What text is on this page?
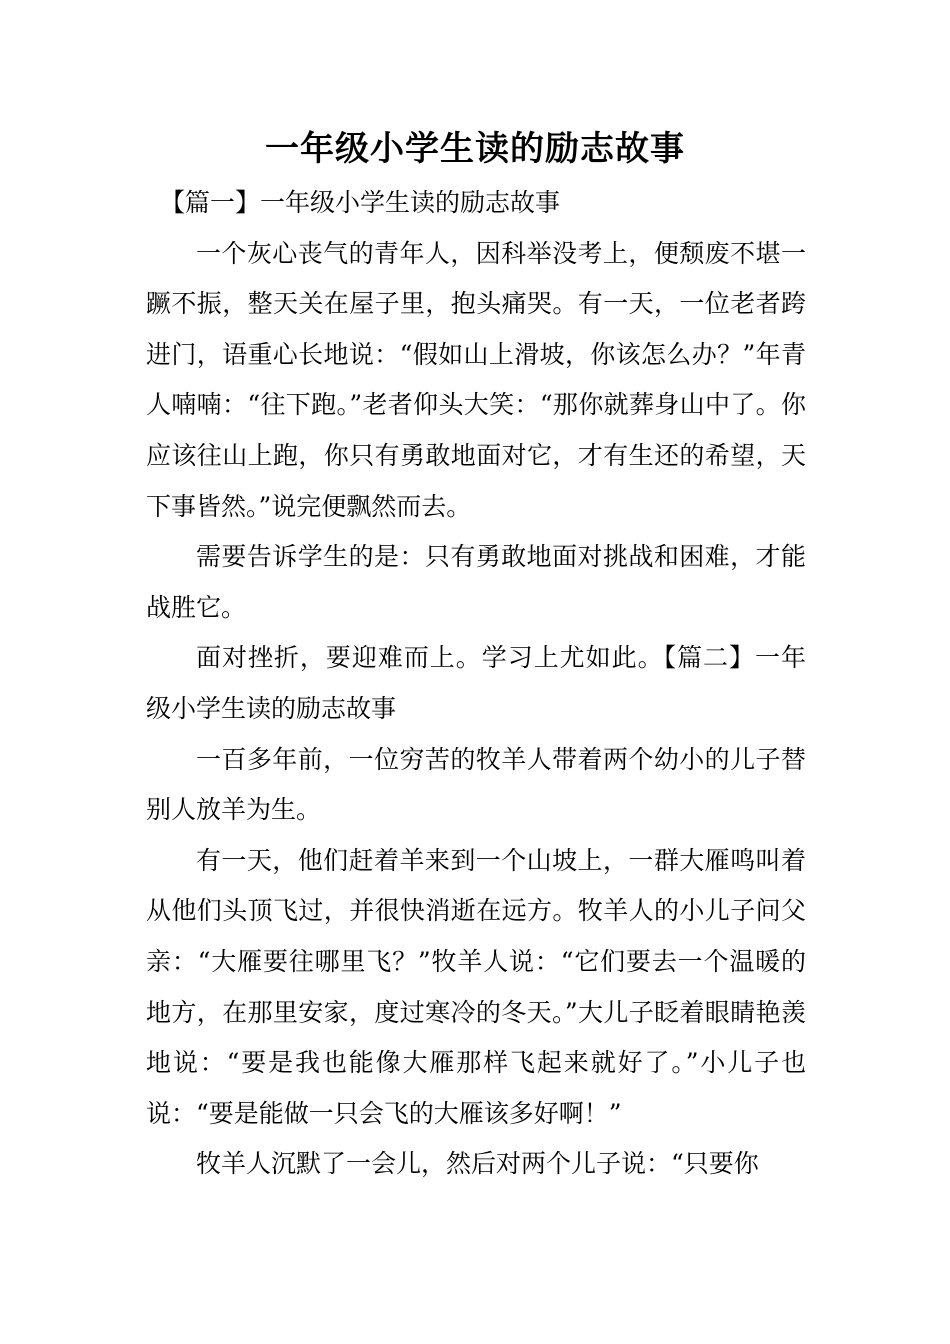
一年级小学生读的励志故事

【篇一】一年级小学生读的励志故事

一个灰心丧气的青年人，因科举没考上，便颓废不堪一蹶不振，整天关在屋子里，抱头痛哭。有一天，一位老者跨进门，语重心长地说：“假如山上滑坡，你该怎么办？”年青人喃喃：“往下跑。”老者仰头大笑：“那你就葬身山中了。你应该往山上跑，你只有勇敢地面对它，才有生还的希望，天下事皆然。”说完便飘然而去。

需要告诉学生的是：只有勇敢地面对挑战和困难，才能战胜它。

面对挫折，要迎难而上。学习上尤如此。【篇二】一年级小学生读的励志故事

一百多年前，一位穷苦的牧羊人带着两个幼小的儿子替别人放羊为生。

有一天，他们赶着羊来到一个山坡上，一群大雁鸣叫着从他们头顶飞过，并很快消逝在远方。牧羊人的小儿子问父亲：“大雁要往哪里飞？”牧羊人说：“它们要去一个温暖的地方，在那里安家，度过寒冷的冬天。”大儿子眨着眼睛艳羡地说：“要是我也能像大雁那样飞起来就好了。”小儿子也说：“要是能做一只会飞的大雁该多好啊！”

牧羊人沉默了一会儿，然后对两个儿子说：“只要你
